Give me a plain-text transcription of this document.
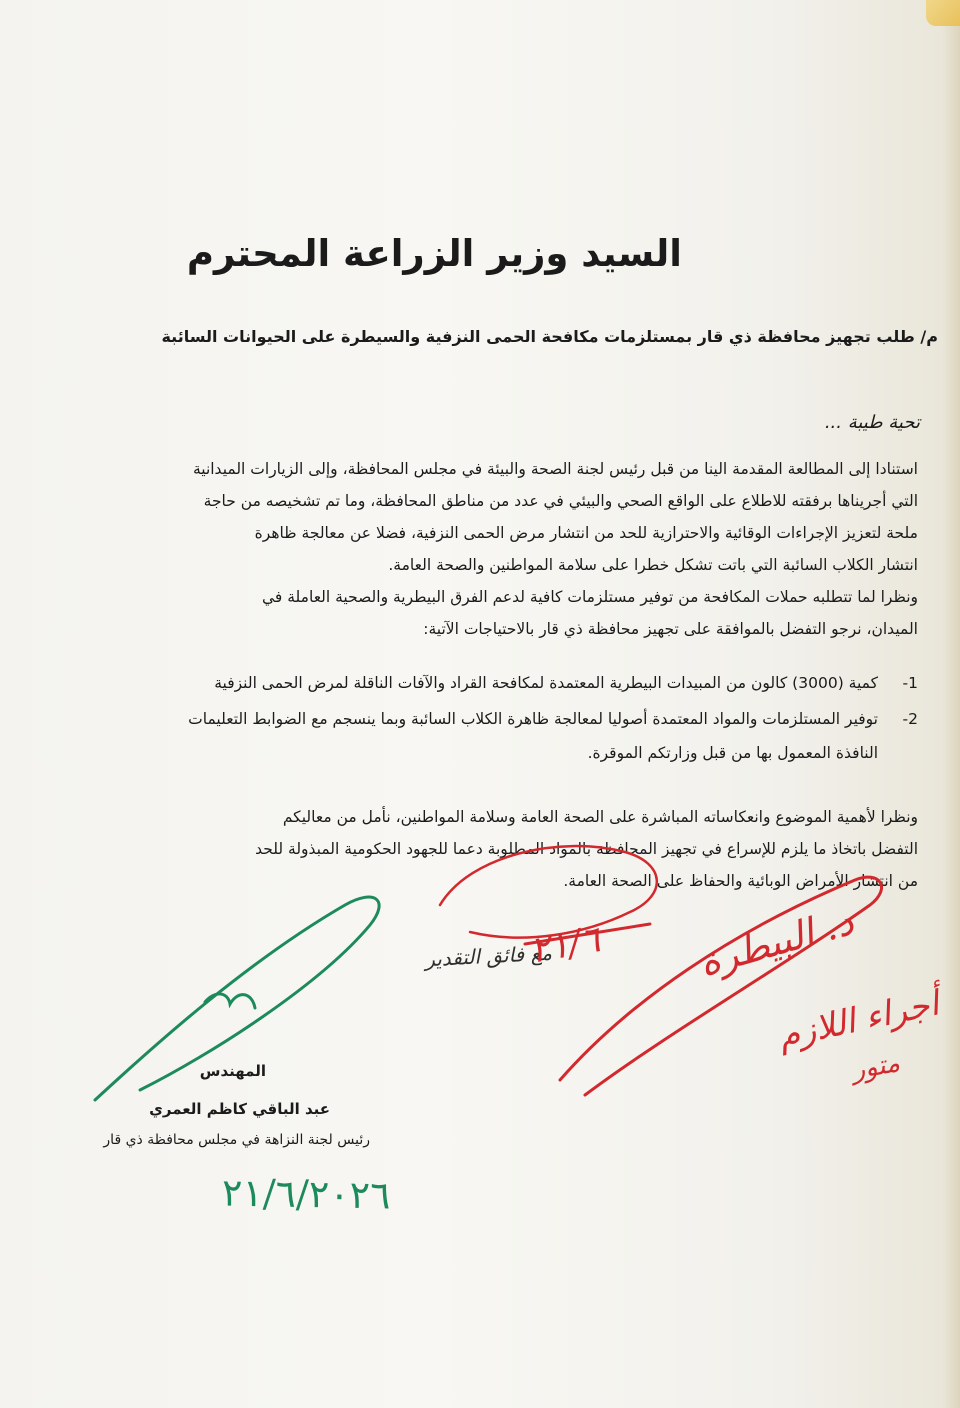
السيد وزير الزراعة المحترم
م/ طلب تجهيز محافظة ذي قار بمستلزمات مكافحة الحمى النزفية والسيطرة على الحيوانات السائبة
تحية طيبة ...
استنادا إلى المطالعة المقدمة الينا من قبل رئيس لجنة الصحة والبيئة في مجلس المحافظة، وإلى الزيارات الميدانية
التي أجريناها برفقته للاطلاع على الواقع الصحي والبيئي في عدد من مناطق المحافظة، وما تم تشخيصه من حاجة
ملحة لتعزيز الإجراءات الوقائية والاحترازية للحد من انتشار مرض الحمى النزفية، فضلا عن معالجة ظاهرة
انتشار الكلاب السائبة التي باتت تشكل خطرا على سلامة المواطنين والصحة العامة.
ونظرا لما تتطلبه حملات المكافحة من توفير مستلزمات كافية لدعم الفرق البيطرية والصحية العاملة في
الميدان، نرجو التفضل بالموافقة على تجهيز محافظة ذي قار بالاحتياجات الآتية:
1-
كمية (3000) كالون من المبيدات البيطرية المعتمدة لمكافحة القراد والآفات الناقلة لمرض الحمى النزفية
2-
توفير المستلزمات والمواد المعتمدة أصوليا لمعالجة ظاهرة الكلاب السائبة وبما ينسجم مع الضوابط التعليمات
النافذة المعمول بها من قبل وزارتكم الموقرة.
ونظرا لأهمية الموضوع وانعكاساته المباشرة على الصحة العامة وسلامة المواطنين، نأمل من معاليكم
التفضل باتخاذ ما يلزم للإسراع في تجهيز المحافظة بالمواد المطلوبة دعما للجهود الحكومية المبذولة للحد
من انتشار الأمراض الوبائية والحفاظ على الصحة العامة.
مع فائق التقدير
المهندس
عبد الباقي كاظم العمري
رئيس لجنة النزاهة في مجلس محافظة ذي قار
٢١/٦/٢٠٢٦
د. البيطرة
٢١/٦
أجراء اللازم
متور
